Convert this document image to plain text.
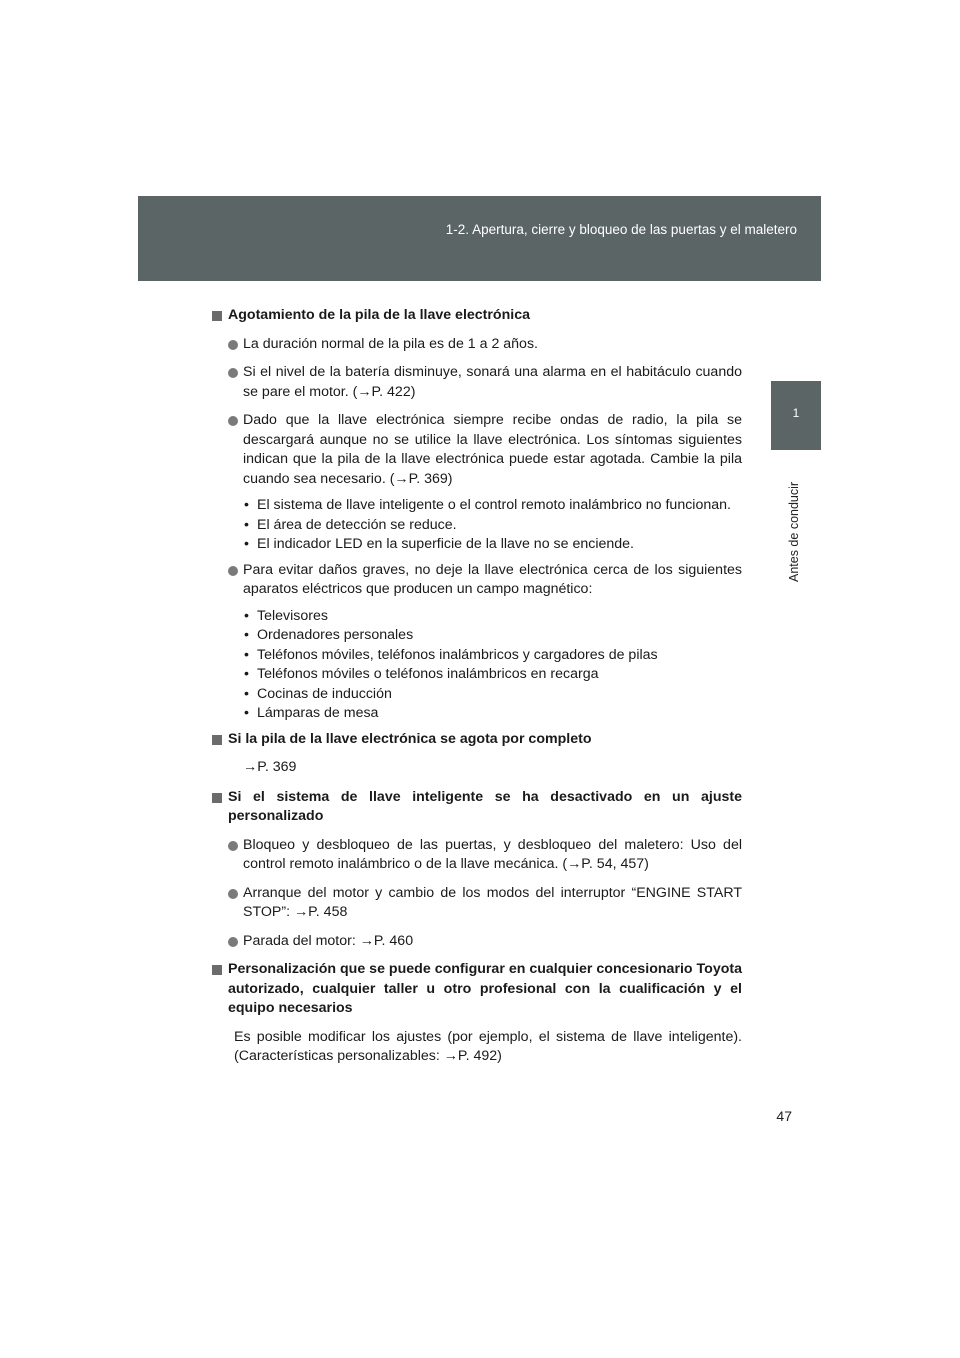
1-2. Apertura, cierre y bloqueo de las puertas y el maletero
1
Antes de conducir
Agotamiento de la pila de la llave electrónica
La duración normal de la pila es de 1 a 2 años.
Si el nivel de la batería disminuye, sonará una alarma en el habitáculo cuando se pare el motor. (→P. 422)
Dado que la llave electrónica siempre recibe ondas de radio, la pila se descargará aunque no se utilice la llave electrónica. Los síntomas siguientes indican que la pila de la llave electrónica puede estar agotada. Cambie la pila cuando sea necesario. (→P. 369)
• El sistema de llave inteligente o el control remoto inalámbrico no funcionan.
• El área de detección se reduce.
• El indicador LED en la superficie de la llave no se enciende.
Para evitar daños graves, no deje la llave electrónica cerca de los siguientes aparatos eléctricos que producen un campo magnético:
• Televisores
• Ordenadores personales
• Teléfonos móviles, teléfonos inalámbricos y cargadores de pilas
• Teléfonos móviles o teléfonos inalámbricos en recarga
• Cocinas de inducción
• Lámparas de mesa
Si la pila de la llave electrónica se agota por completo
→P. 369
Si el sistema de llave inteligente se ha desactivado en un ajuste personalizado
Bloqueo y desbloqueo de las puertas, y desbloqueo del maletero: Uso del control remoto inalámbrico o de la llave mecánica. (→P. 54, 457)
Arranque del motor y cambio de los modos del interruptor “ENGINE START STOP”: →P. 458
Parada del motor: →P. 460
Personalización que se puede configurar en cualquier concesionario Toyota autorizado, cualquier taller u otro profesional con la cualificación y el equipo necesarios
Es posible modificar los ajustes (por ejemplo, el sistema de llave inteligente). (Características personalizables: →P. 492)
47
